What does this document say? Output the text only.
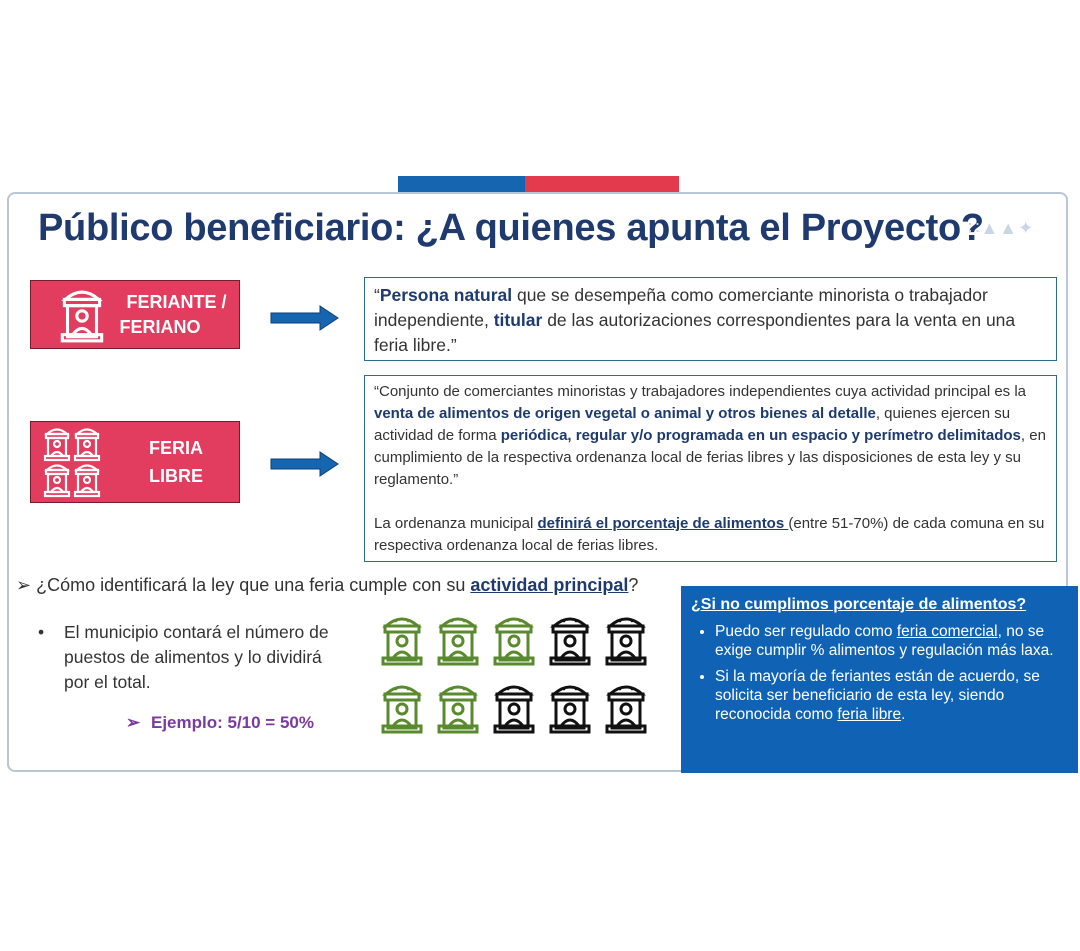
Público beneficiario: ¿A quienes apunta el Proyecto?
∷▲▲✦
FERIANTE /
FERIANO
FERIA
LIBRE
“Persona natural que se desempeña como comerciante minorista o trabajador independiente, titular de las autorizaciones correspondientes para la venta en una feria libre.”
“Conjunto de comerciantes minoristas y trabajadores independientes cuya actividad principal es la venta de alimentos de origen vegetal o animal y otros bienes al detalle, quienes ejercen su actividad de forma periódica, regular y/o programada en un espacio y perímetro delimitados, en cumplimiento de la respectiva ordenanza local de ferias libres y las disposiciones de esta ley y su reglamento.”
La ordenanza municipal definirá el porcentaje de alimentos (entre 51-70%) de cada comuna en su respectiva ordenanza local de ferias libres.
➢ ¿Cómo identificará la ley que una feria cumple con su actividad principal?
• El municipio contará el número de puestos de alimentos y lo dividirá por el total.
➢ Ejemplo: 5/10 = 50%
¿Si no cumplimos porcentaje de alimentos?
• Puedo ser regulado como feria comercial, no se exige cumplir % alimentos y regulación más laxa.
• Si la mayoría de feriantes están de acuerdo, se solicita ser beneficiario de esta ley, siendo reconocida como feria libre.
